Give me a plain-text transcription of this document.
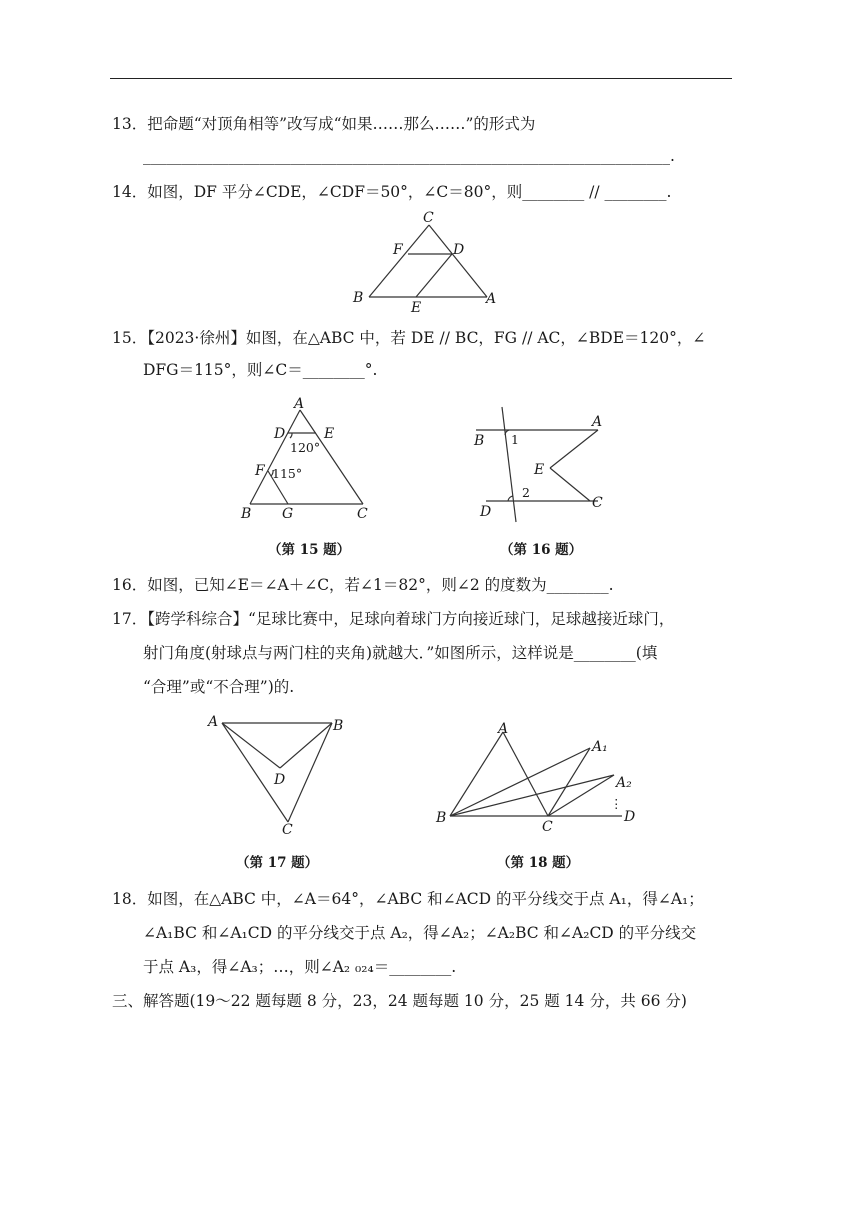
13．把命题“对顶角相等”改写成“如果……那么……”的形式为
____________________________________________________________________.
14．如图，DF 平分∠CDE，∠CDF＝50°，∠C＝80°，则________ // ________.
C
F	D
B
E
A
15．【2023·徐州】如图，在△ABC 中，若 DE // BC，FG // AC，∠BDE＝120°，∠
DFG＝115°，则∠C＝________°.
A
D	E
120°
F 115°
B G	C
（第 15 题）
B 1
A
E
2
C
D
（第 16 题）
16．如图，已知∠E＝∠A＋∠C，若∠1＝82°，则∠2 的度数为________.
17．【跨学科综合】“足球比赛中，足球向着球门方向接近球门，足球越接近球门，
射门角度(射球点与两门柱的夹角)就越大．”如图所示，这样说是________(填
“合理”或“不合理”)的.
A	B
D
C
（第 17 题）
A
A₁
A₂
⋮
B
C
D
（第 18 题）
18．如图，在△ABC 中，∠A＝64°，∠ABC 和∠ACD 的平分线交于点 A₁，得∠A₁；
∠A₁BC 和∠A₁CD 的平分线交于点 A₂，得∠A₂；∠A₂BC 和∠A₂CD 的平分线交
于点 A₃，得∠A₃；…，则∠A₂ ₀₂₄＝________.
三、解答题(19～22 题每题 8 分，23，24 题每题 10 分，25 题 14 分，共 66 分)
